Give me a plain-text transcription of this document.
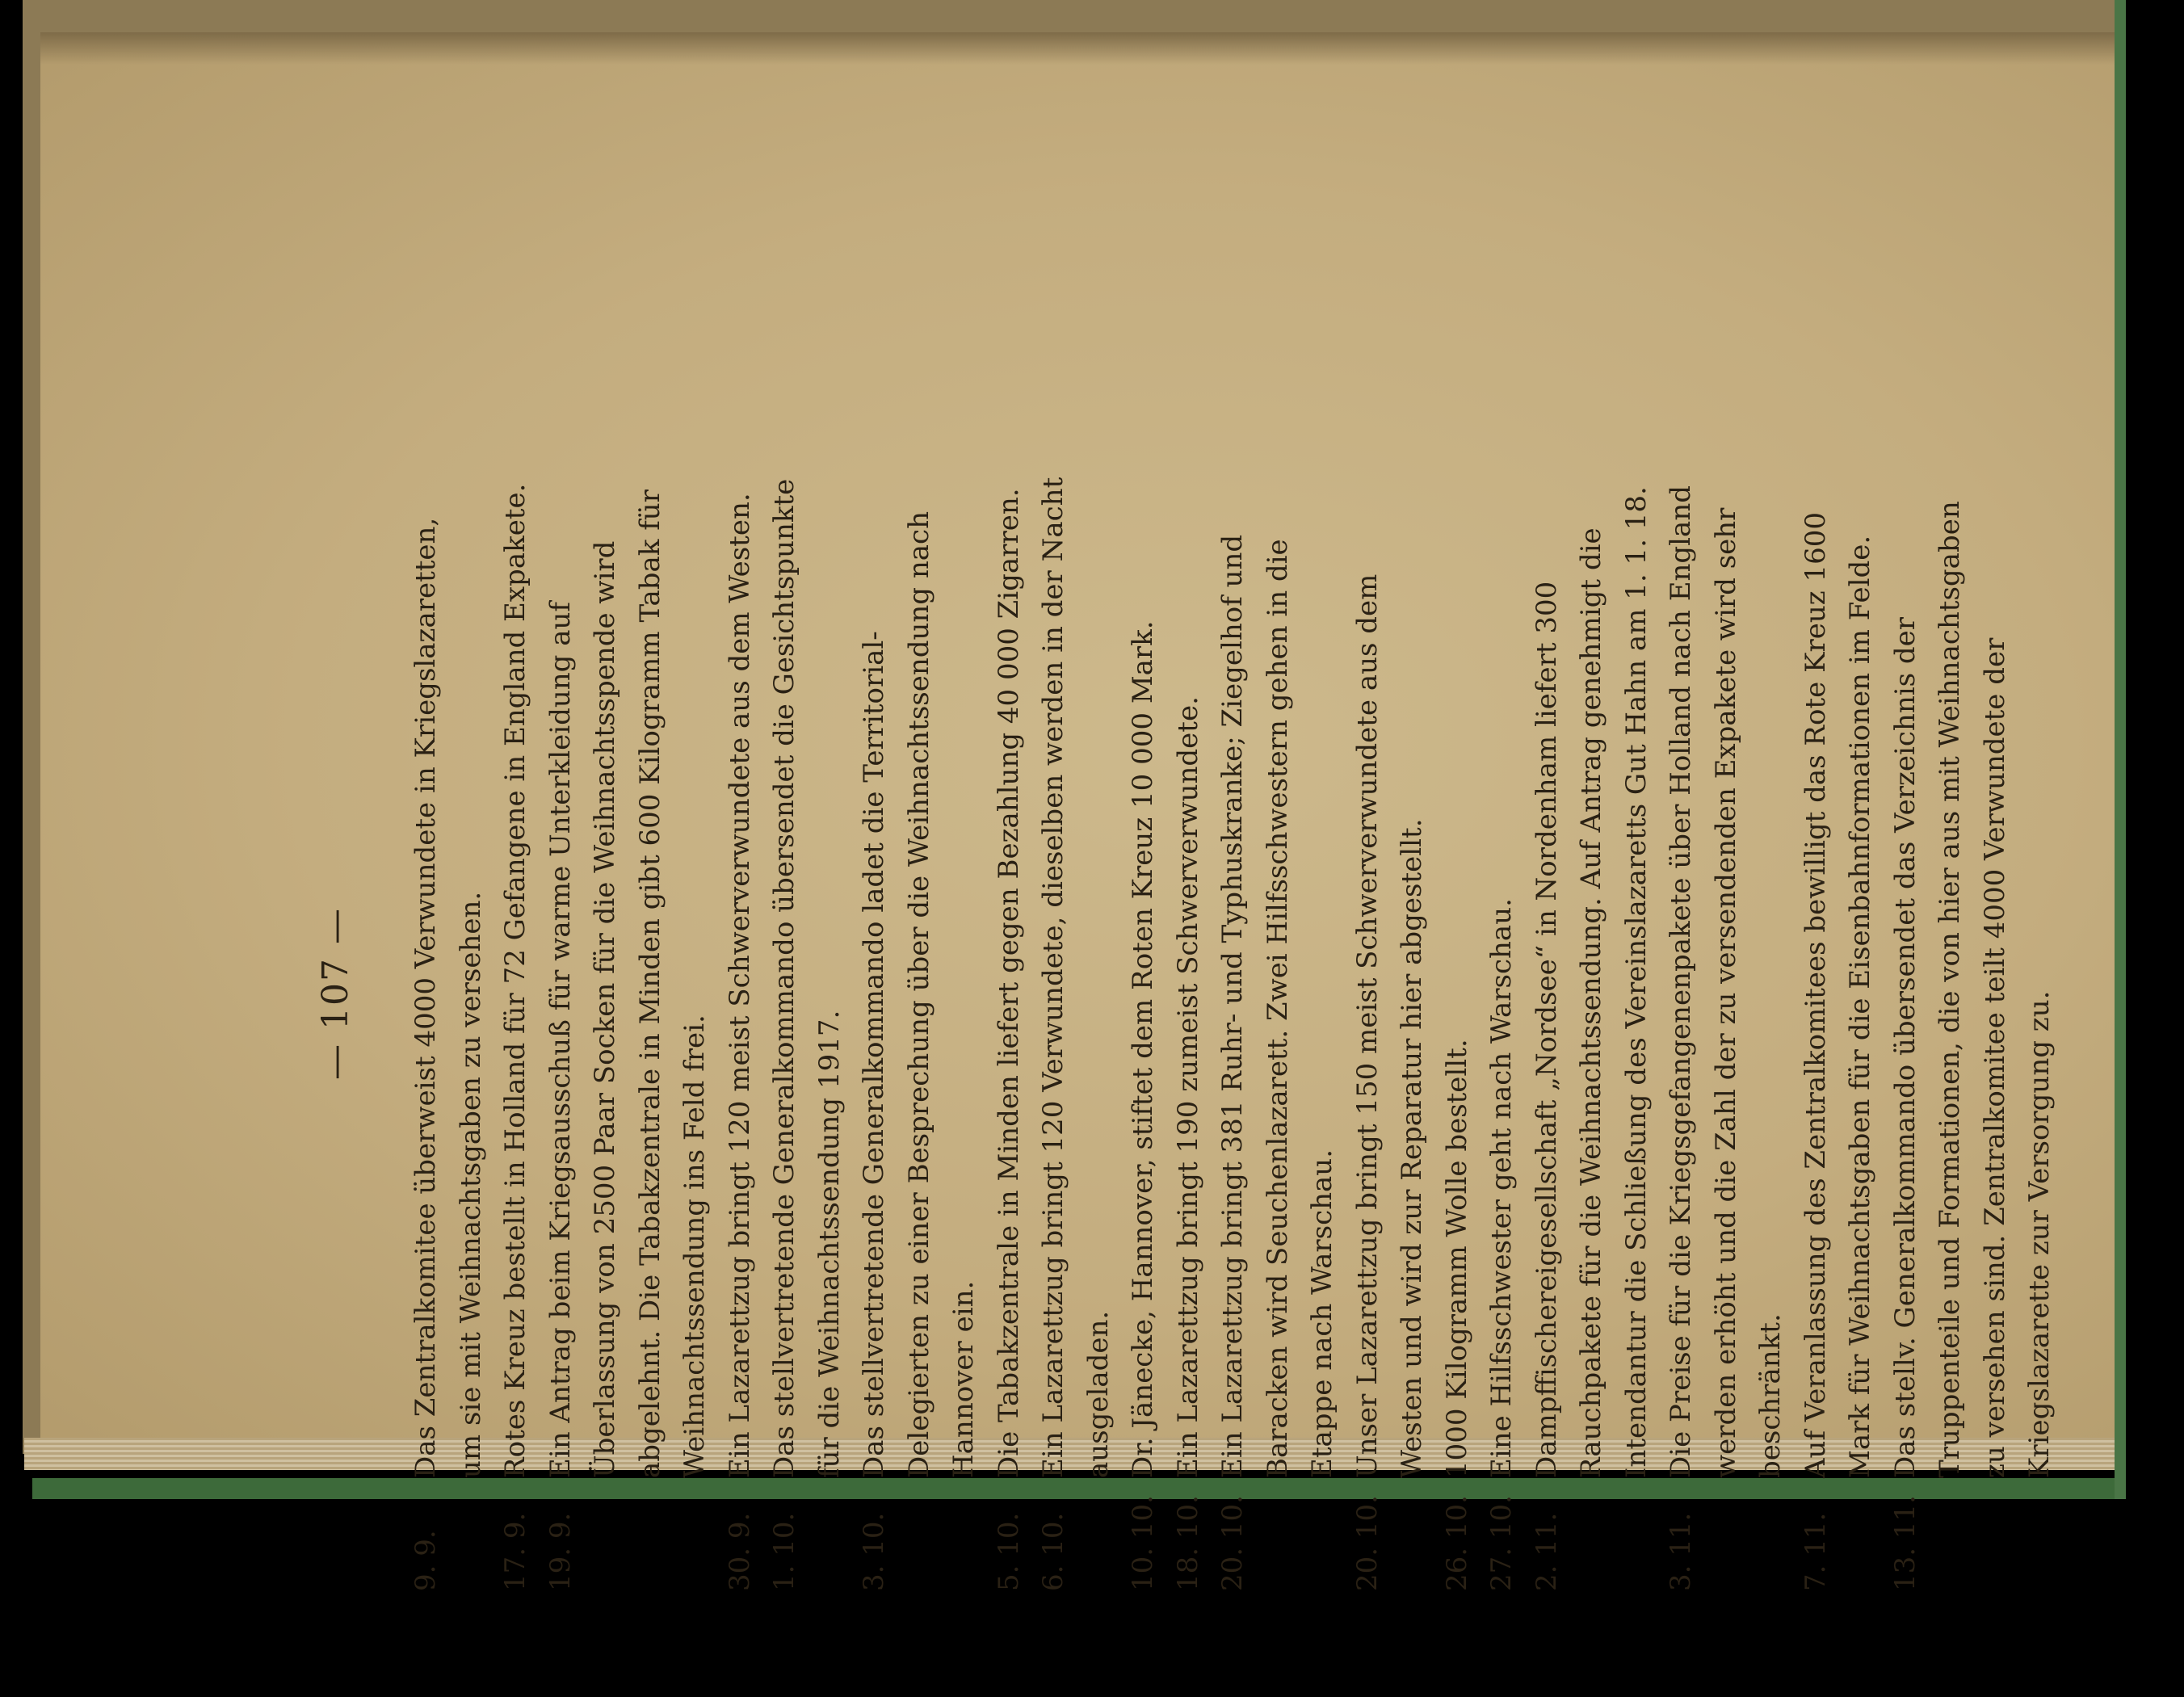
— 107 —
9. 9.
Das Zentralkomitee überweist 4000 Verwundete in Kriegslazaretten, um sie mit Weihnachtsgaben zu versehen.
17. 9.
Rotes Kreuz bestellt in Holland für 72 Gefangene in England Expakete.
19. 9.
Ein Antrag beim Kriegsausschuß für warme Unterkleidung auf Überlassung von 2500 Paar Socken für die Weihnachtsspende wird abgelehnt. Die Tabakzentrale in Minden gibt 600 Kilogramm Tabak für Weihnachtssendung ins Feld frei.
30. 9.
Ein Lazarettzug bringt 120 meist Schwerverwundete aus dem Westen.
1. 10.
Das stellvertretende Generalkommando übersendet die Gesichtspunkte für die Weihnachtssendung 1917.
3. 10.
Das stellvertretende Generalkommando ladet die Territorial-Delegierten zu einer Besprechung über die Weihnachtssendung nach Hannover ein.
5. 10.
Die Tabakzentrale in Minden liefert gegen Bezahlung 40 000 Zigarren.
6. 10.
Ein Lazarettzug bringt 120 Verwundete, dieselben werden in der Nacht ausgeladen.
10. 10.
Dr. Jänecke, Hannover, stiftet dem Roten Kreuz 10 000 Mark.
18. 10.
Ein Lazarettzug bringt 190 zumeist Schwerverwundete.
20. 10.
Ein Lazarettzug bringt 381 Ruhr- und Typhuskranke; Ziegelhof und Baracken wird Seuchenlazarett. Zwei Hilfsschwestern gehen in die Etappe nach Warschau.
20. 10.
Unser Lazarettzug bringt 150 meist Schwerverwundete aus dem Westen und wird zur Reparatur hier abgestellt.
26. 10.
1000 Kilogramm Wolle bestellt.
27. 10.
Eine Hilfsschwester geht nach Warschau.
2. 11.
Dampffischereigesellschaft „Nordsee“ in Nordenham liefert 300 Rauchpakete für die Weihnachtssendung. Auf Antrag genehmigt die Intendantur die Schließung des Vereinslazaretts Gut Hahn am 1. 1. 18.
3. 11.
Die Preise für die Kriegsgefangenenpakete über Holland nach England werden erhöht und die Zahl der zu versendenden Expakete wird sehr beschränkt.
7. 11.
Auf Veranlassung des Zentralkomitees bewilligt das Rote Kreuz 1600 Mark für Weihnachtsgaben für die Eisenbahnformationen im Felde.
13. 11.
Das stellv. Generalkommando übersendet das Verzeichnis der Truppenteile und Formationen, die von hier aus mit Weihnachtsgaben zu versehen sind. Zentralkomitee teilt 4000 Verwundete der Kriegslazarette zur Versorgung zu.
